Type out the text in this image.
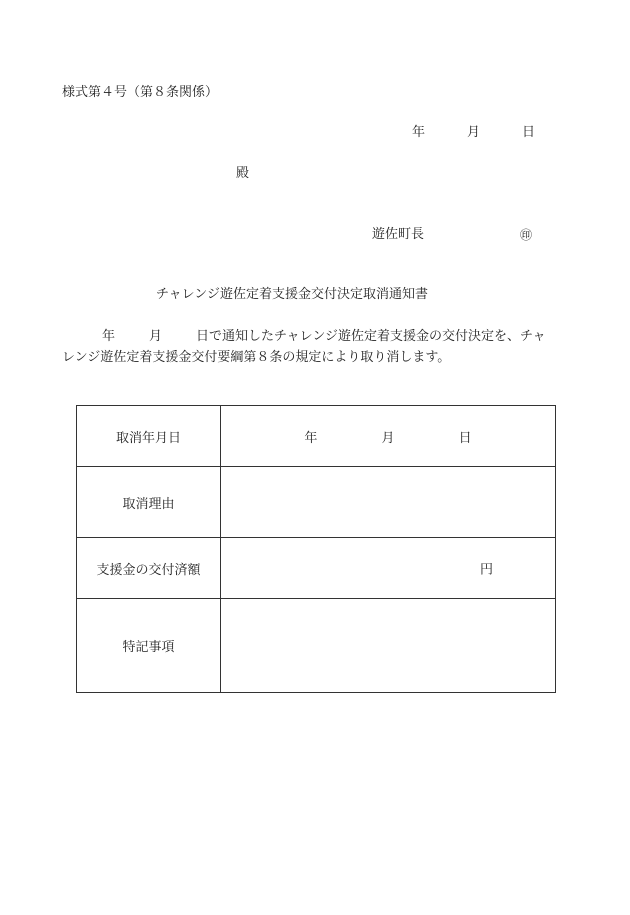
様式第４号（第８条関係）
年	月	日
殿
遊佐町長	㊞
チャレンジ遊佐定着支援金交付決定取消通知書
年	月	日で通知したチャレンジ遊佐定着支援金の交付決定を、チャ
レンジ遊佐定着支援金交付要綱第８条の規定により取り消します。
取消年月日	年 月 日
取消理由	
支援金の交付済額	円

特記事項	
